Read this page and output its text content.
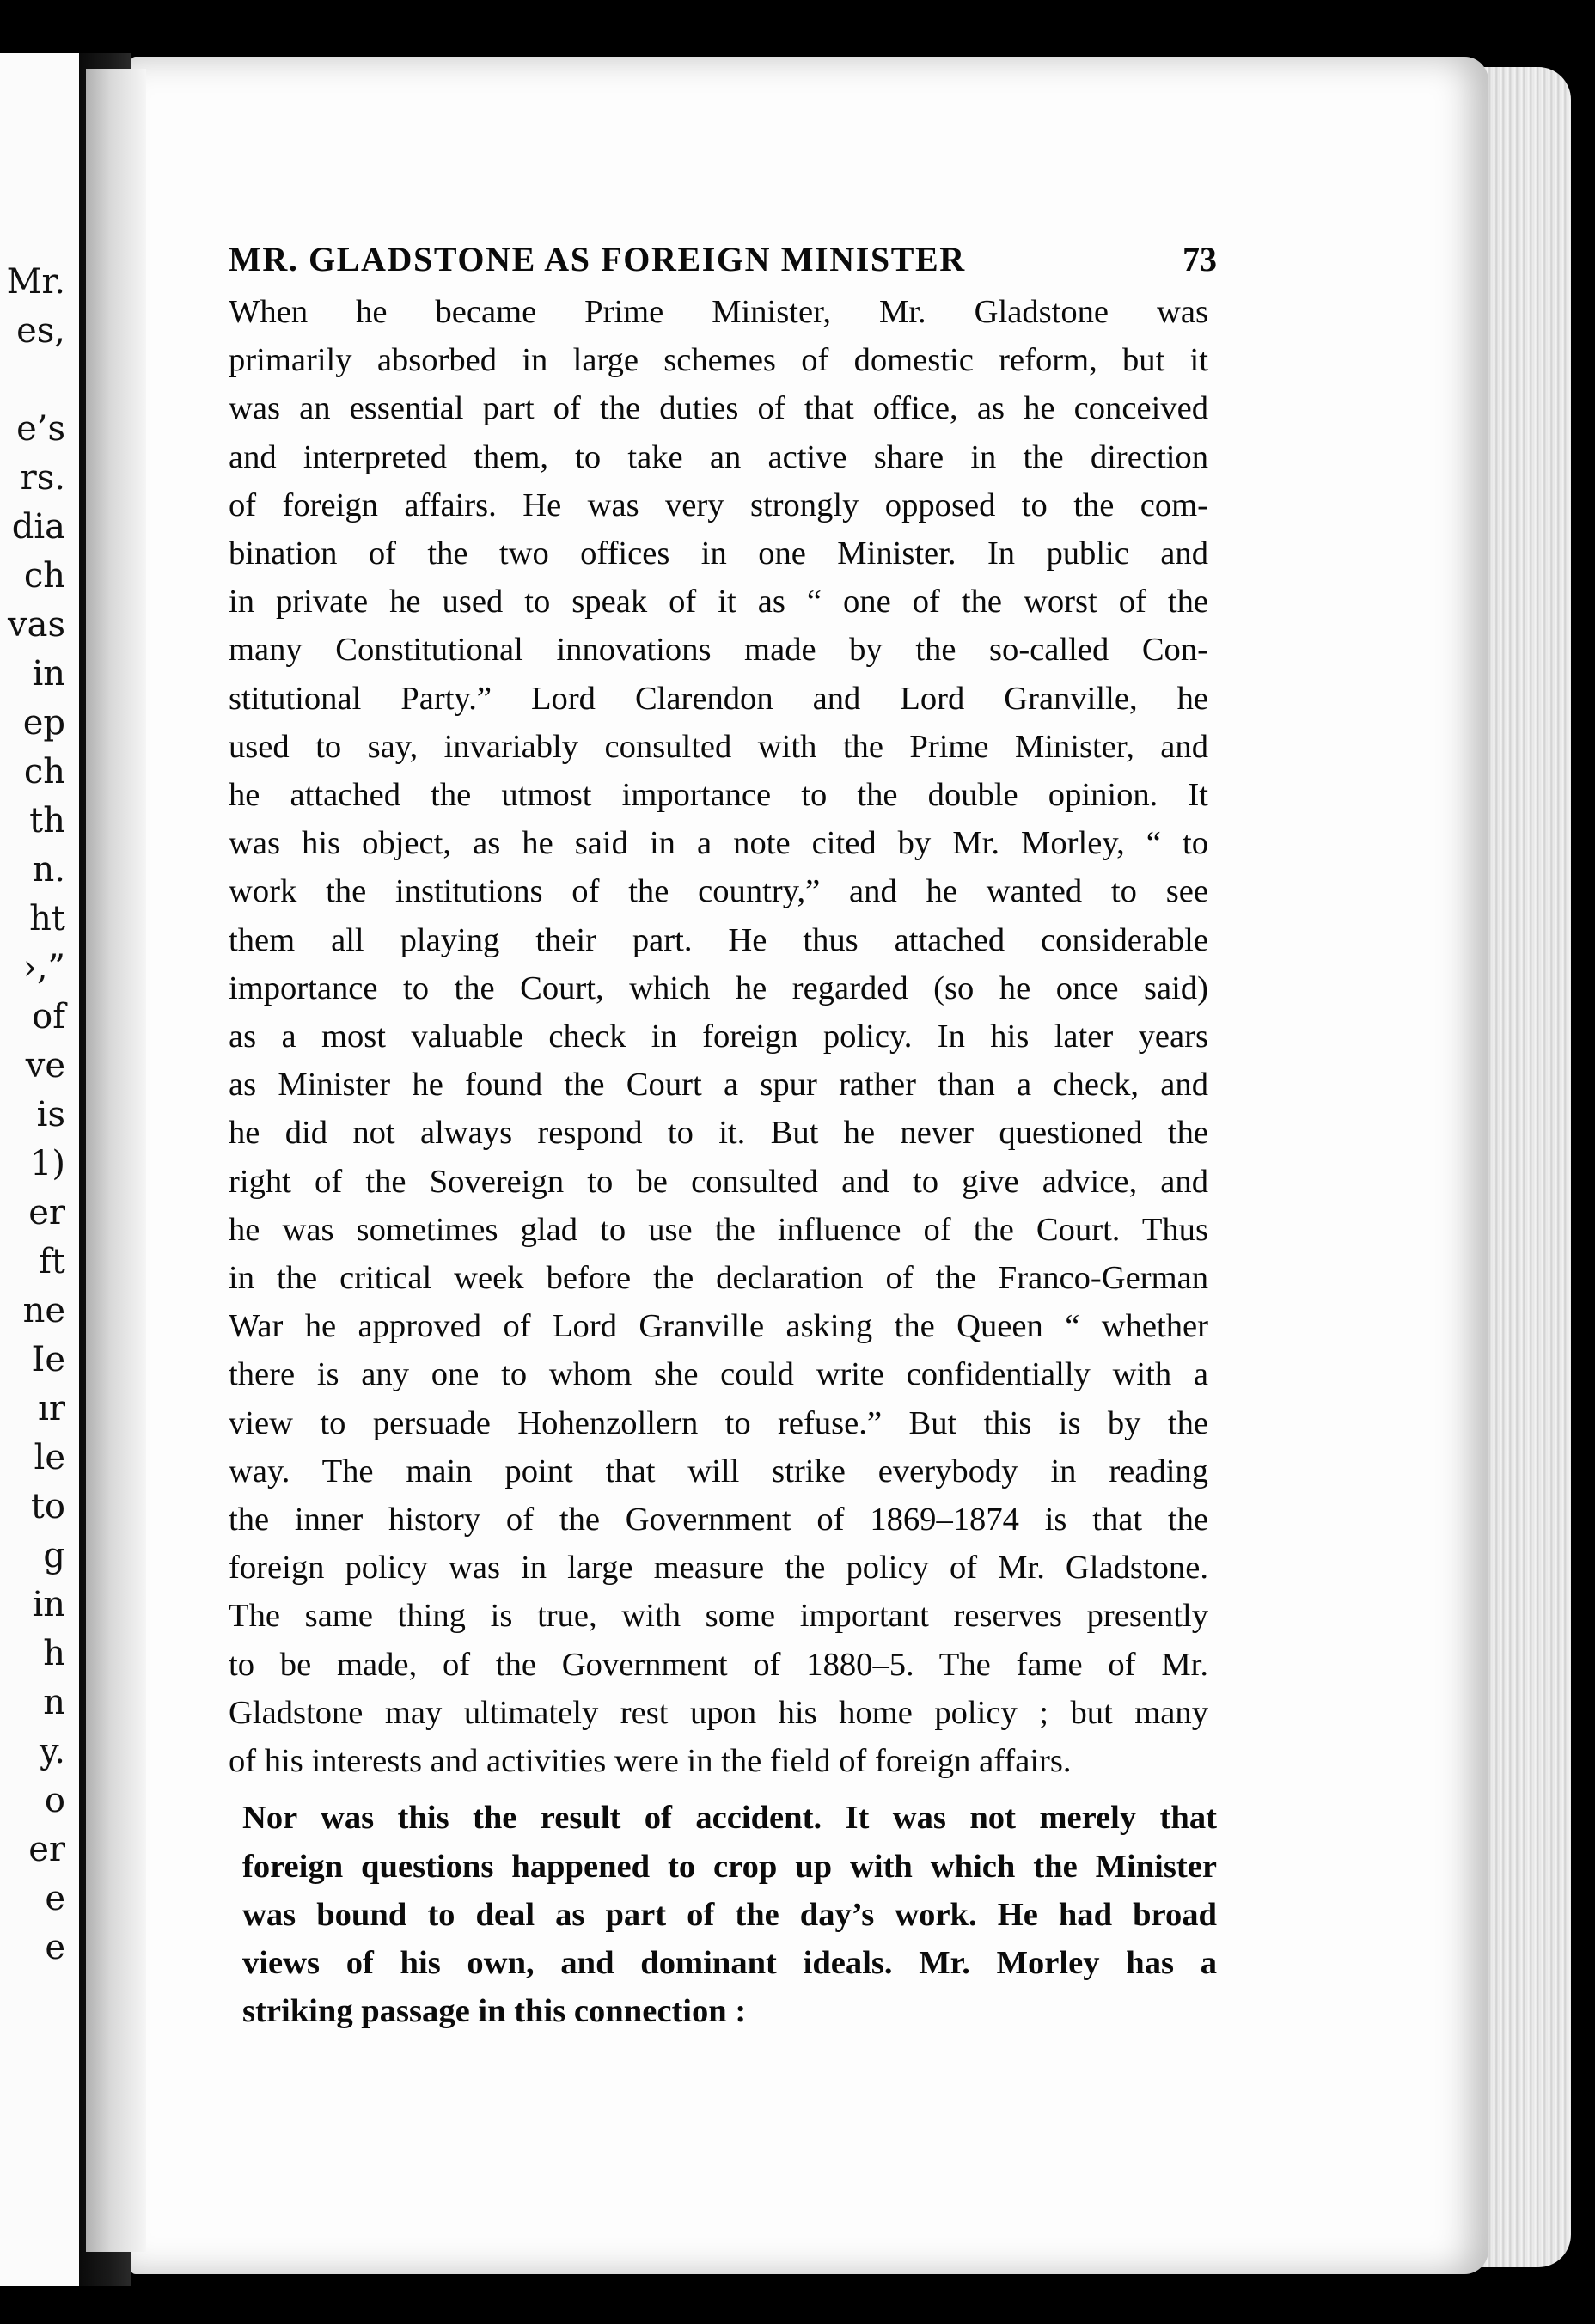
Mr.
es,
e’s
rs.
dia
ch
vas
in
ep
ch
th
n.
ht
›,”
of
ve
is
1)
er
ft
ne
Ie
ır
le
to
g
in
h
n
y.
o
er
e
e
MR. GLADSTONE AS FOREIGN MINISTER	73
When he became Prime Minister, Mr. Gladstone was
primarily absorbed in large schemes of domestic reform, but it
was an essential part of the duties of that office, as he conceived
and interpreted them, to take an active share in the direction
of foreign affairs. He was very strongly opposed to the com-
bination of the two offices in one Minister. In public and
in private he used to speak of it as “ one of the worst of the
many Constitutional innovations made by the so-called Con-
stitutional Party.” Lord Clarendon and Lord Granville, he
used to say, invariably consulted with the Prime Minister, and
he attached the utmost importance to the double opinion. It
was his object, as he said in a note cited by Mr. Morley, “ to
work the institutions of the country,” and he wanted to see
them all playing their part. He thus attached considerable
importance to the Court, which he regarded (so he once said)
as a most valuable check in foreign policy. In his later years
as Minister he found the Court a spur rather than a check, and
he did not always respond to it. But he never questioned the
right of the Sovereign to be consulted and to give advice, and
he was sometimes glad to use the influence of the Court. Thus
in the critical week before the declaration of the Franco-German
War he approved of Lord Granville asking the Queen “ whether
there is any one to whom she could write confidentially with a
view to persuade Hohenzollern to refuse.” But this is by the
way. The main point that will strike everybody in reading
the inner history of the Government of 1869–1874 is that the
foreign policy was in large measure the policy of Mr. Gladstone.
The same thing is true, with some important reserves presently
to be made, of the Government of 1880–5. The fame of Mr.
Gladstone may ultimately rest upon his home policy ; but many
of his interests and activities were in the field of foreign affairs.
Nor was this the result of accident. It was not merely that
foreign questions happened to crop up with which the Minister
was bound to deal as part of the day’s work. He had broad
views of his own, and dominant ideals. Mr. Morley has a
striking passage in this connection :
